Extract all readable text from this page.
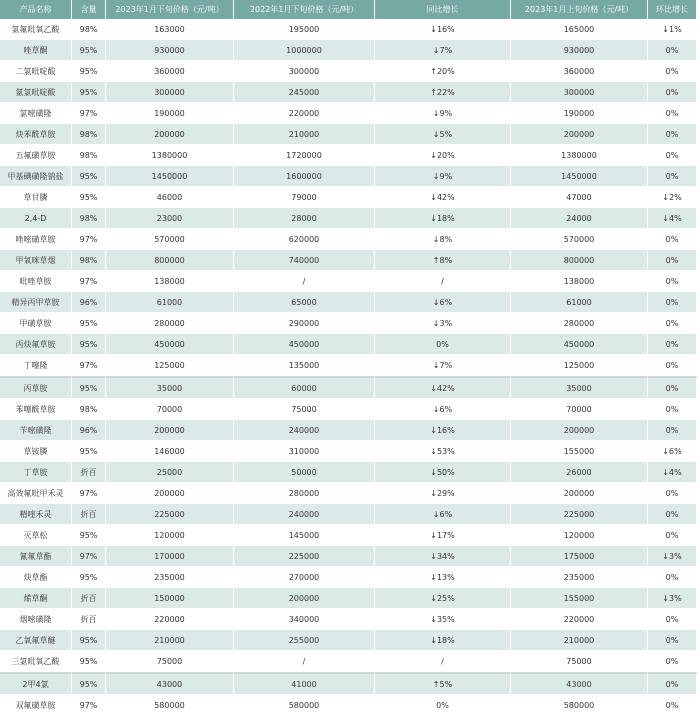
产品名称	含量	2023年1月下旬价格（元/吨）	2022年1月下旬价格（元/吨）	同比增长	2023年1月上旬价格（元/吨）	环比增长
氯氟吡氧乙酸	98%	163000	195000	↓16%	165000	↓1%
唑草酮	95%	930000	1000000	↓7%	930000	0%
二氯吡啶酸	95%	360000	300000	↑20%	360000	0%
氨氯吡啶酸	95%	300000	245000	↑22%	300000	0%
氯嘧磺隆	97%	190000	220000	↓9%	190000	0%
炔苯酰草胺	98%	200000	210000	↓5%	200000	0%
五氟磺草胺	98%	1380000	1720000	↓20%	1380000	0%
甲基碘磺隆钠盐	95%	1450000	1600000	↓9%	1450000	0%
草甘膦	95%	46000	79000	↓42%	47000	↓2%
2,4-D	98%	23000	28000	↓18%	24000	↓4%
唑嘧磺草胺	97%	570000	620000	↓8%	570000	0%
甲氧咪草烟	98%	800000	740000	↑8%	800000	0%
吡唑草胺	97%	138000	/	/	138000	0%
精异丙甲草胺	96%	61000	65000	↓6%	61000	0%
甲磺草胺	95%	280000	290000	↓3%	280000	0%
丙炔氟草胺	95%	450000	450000	0%	450000	0%
丁噻隆	97%	125000	135000	↓7%	125000	0%
丙草胺	95%	35000	60000	↓42%	35000	0%
苯噻酰草胺	98%	70000	75000	↓6%	70000	0%
苄嘧磺隆	96%	200000	240000	↓16%	200000	0%
草铵膦	95%	146000	310000	↓53%	155000	↓6%
丁草胺	折百	25000	50000	↓50%	26000	↓4%
高效氟吡甲禾灵	97%	200000	280000	↓29%	200000	0%
精喹禾灵	折百	225000	240000	↓6%	225000	0%
灭草松	95%	120000	145000	↓17%	120000	0%
氰氟草酯	97%	170000	225000	↓34%	175000	↓3%
炔草酯	95%	235000	270000	↓13%	235000	0%
烯草酮	折百	150000	200000	↓25%	155000	↓3%
烟嘧磺隆	折百	220000	340000	↓35%	220000	0%
乙氧氟草醚	95%	210000	255000	↓18%	210000	0%
三氯吡氧乙酸	95%	75000	/	/	75000	0%
2甲4氯	95%	43000	41000	↑5%	43000	0%
双氟磺草胺	97%	580000	580000	0%	580000	0%
